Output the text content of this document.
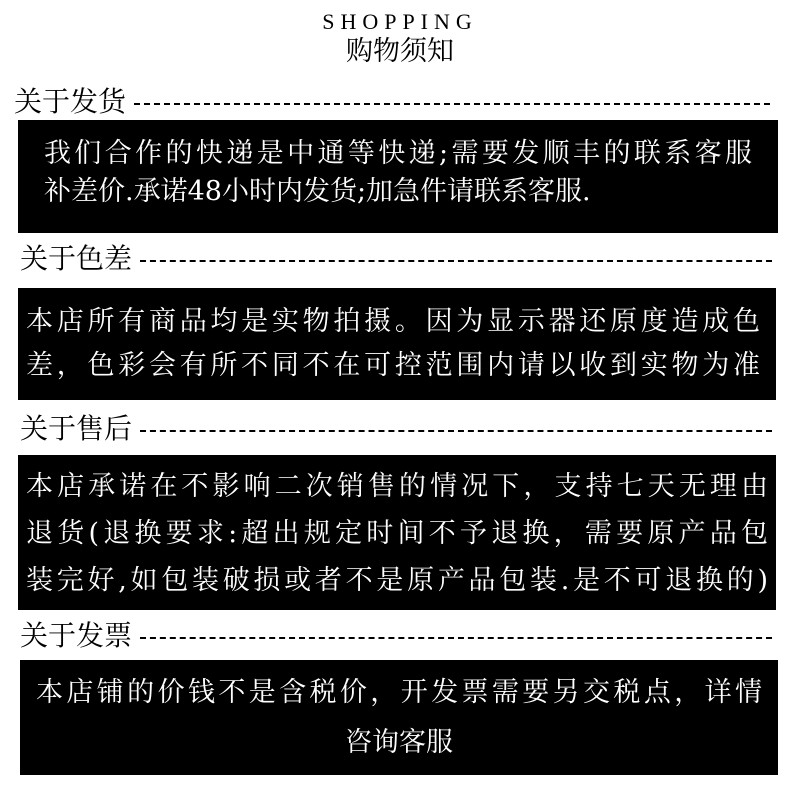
SHOPPING
购物须知
关于发货
我们合作的快递是中通等快递;需要发顺丰的联系客服
补差价.承诺48小时内发货;加急件请联系客服.
关于色差
本店所有商品均是实物拍摄。因为显示器还原度造成色
差，色彩会有所不同不在可控范围内请以收到实物为准
关于售后
本店承诺在不影响二次销售的情况下，支持七天无理由
退货(退换要求:超出规定时间不予退换，需要原产品包
装完好,如包装破损或者不是原产品包装.是不可退换的)
关于发票
本店铺的价钱不是含税价，开发票需要另交税点，详情
咨询客服
